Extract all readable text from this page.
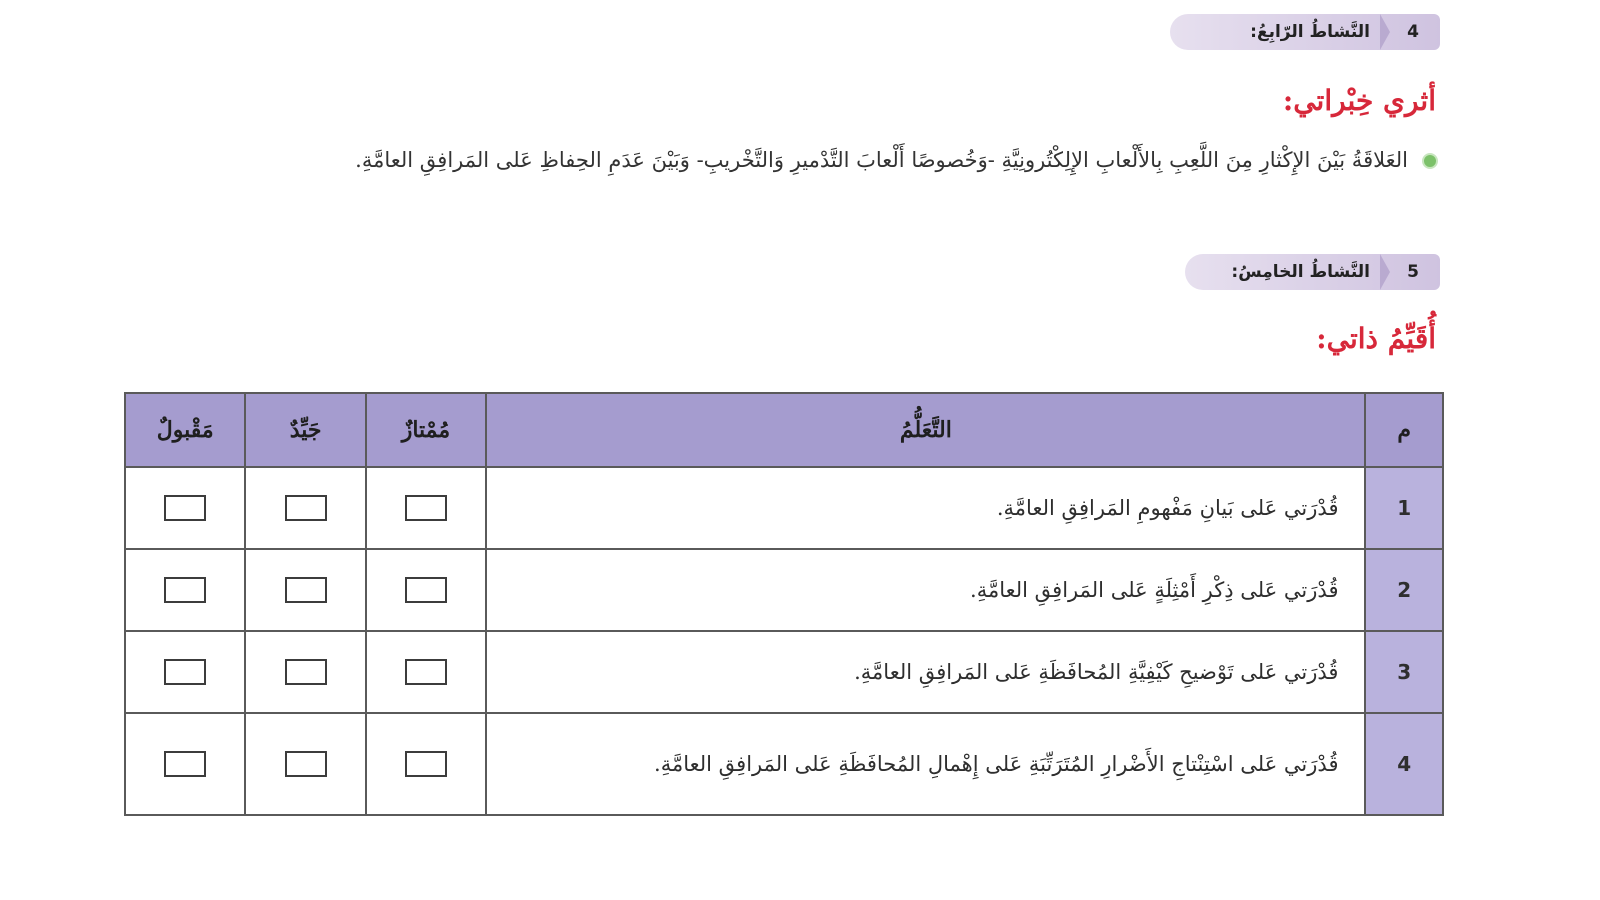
4
النَّشاطُ الرّابِعُ:
أثري خِبْراتي:
العَلاقَةُ بَيْنَ الإِكْثارِ مِنَ اللَّعِبِ بِالأَلْعابِ الإِلِكْتُرونِيَّةِ -وَخُصوصًا أَلْعابَ التَّدْميرِ وَالتَّخْريبِ- وَبَيْنَ عَدَمِ الحِفاظِ عَلى المَرافِقِ العامَّةِ.
5
النَّشاطُ الخامِسُ:
أُقَيِّمُ ذاتي:
م	التَّعَلُّمُ	مُمْتازٌ	جَيِّدٌ	مَقْبولٌ
1	قُدْرَتي عَلى بَيانِ مَفْهومِ المَرافِقِ العامَّةِ.			
2	قُدْرَتي عَلى ذِكْرِ أَمْثِلَةٍ عَلى المَرافِقِ العامَّةِ.			
3	قُدْرَتي عَلى تَوْضيحِ كَيْفِيَّةِ المُحافَظَةِ عَلى المَرافِقِ العامَّةِ.			
4	قُدْرَتي عَلى اسْتِنْتاجِ الأَضْرارِ المُتَرَتِّبَةِ عَلى إِهْمالِ المُحافَظَةِ عَلى المَرافِقِ العامَّةِ.			
